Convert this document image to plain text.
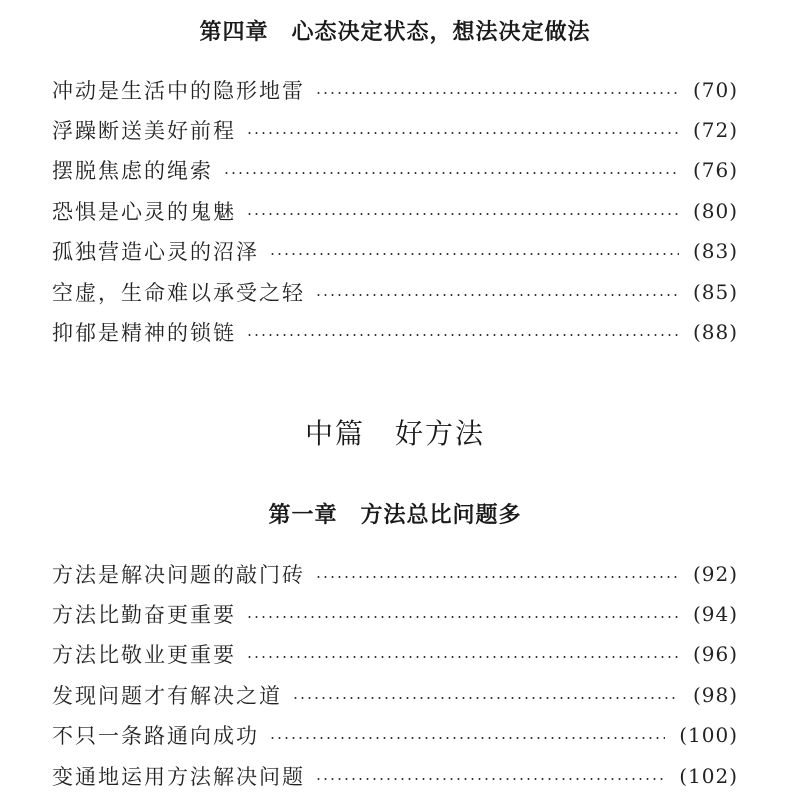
第四章　心态决定状态，想法决定做法
冲动是生活中的隐形地雷	(70)
浮躁断送美好前程	(72)
摆脱焦虑的绳索	(76)
恐惧是心灵的鬼魅	(80)
孤独营造心灵的沼泽	(83)
空虚，生命难以承受之轻	(85)
抑郁是精神的锁链	(88)
中篇　好方法
第一章　方法总比问题多
方法是解决问题的敲门砖	(92)
方法比勤奋更重要	(94)
方法比敬业更重要	(96)
发现问题才有解决之道	(98)
不只一条路通向成功	(100)
变通地运用方法解决问题	(102)
